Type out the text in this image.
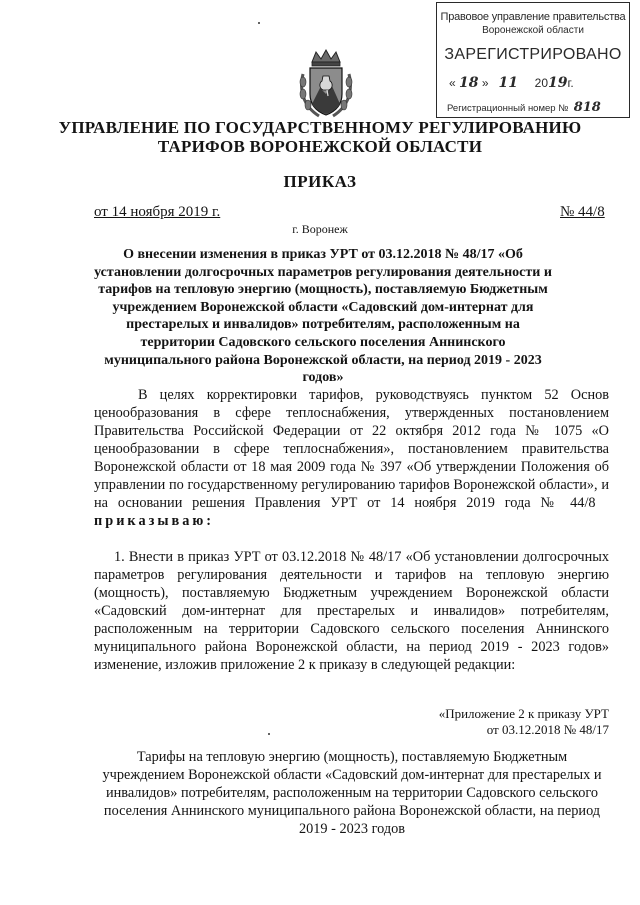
Правовое управление правительства
Воронежской области
ЗАРЕГИСТРИРОВАНО
« 18 »   11 2019г.
Регистрационный номер № 818
УПРАВЛЕНИЕ ПО ГОСУДАРСТВЕННОМУ РЕГУЛИРОВАНИЮ
ТАРИФОВ ВОРОНЕЖСКОЙ ОБЛАСТИ
ПРИКАЗ
от 14 ноября 2019 г.	№ 44/8
г. Воронеж
О внесении изменения в приказ УРТ от 03.12.2018 № 48/17 «Об установлении долгосрочных параметров регулирования деятельности и тарифов на тепловую энергию (мощность), поставляемую Бюджетным учреждением Воронежской области «Садовский дом-интернат для престарелых и инвалидов» потребителям, расположенным на территории Садовского сельского поселения Аннинского муниципального района Воронежской области, на период 2019 - 2023 годов»
В целях корректировки тарифов, руководствуясь пунктом 52 Основ ценообразования в сфере теплоснабжения, утвержденных постановлением Правительства Российской Федерации от 22 октября 2012 года № 1075 «О ценообразовании в сфере теплоснабжения», постановлением правительства Воронежской области от 18 мая 2009 года № 397 «Об утверждении Положения об управлении по государственному регулированию тарифов Воронежской области», и на основании решения Правления УРТ от 14 ноября 2019 года № 44/8   приказываю:
1. Внести в приказ УРТ от 03.12.2018 № 48/17 «Об установлении долгосрочных параметров регулирования деятельности и тарифов на тепловую энергию (мощность), поставляемую Бюджетным учреждением Воронежской области «Садовский дом-интернат для престарелых и инвалидов» потребителям, расположенным на территории Садовского сельского поселения Аннинского муниципального района Воронежской области, на период 2019 - 2023 годов» изменение, изложив приложение 2 к приказу в следующей редакции:
«Приложение 2 к приказу УРТ
от 03.12.2018 № 48/17
Тарифы на тепловую энергию (мощность), поставляемую Бюджетным учреждением Воронежской области «Садовский дом-интернат для престарелых и инвалидов» потребителям, расположенным на территории Садовского сельского поселения Аннинского муниципального района Воронежской области, на период 2019 - 2023 годов
